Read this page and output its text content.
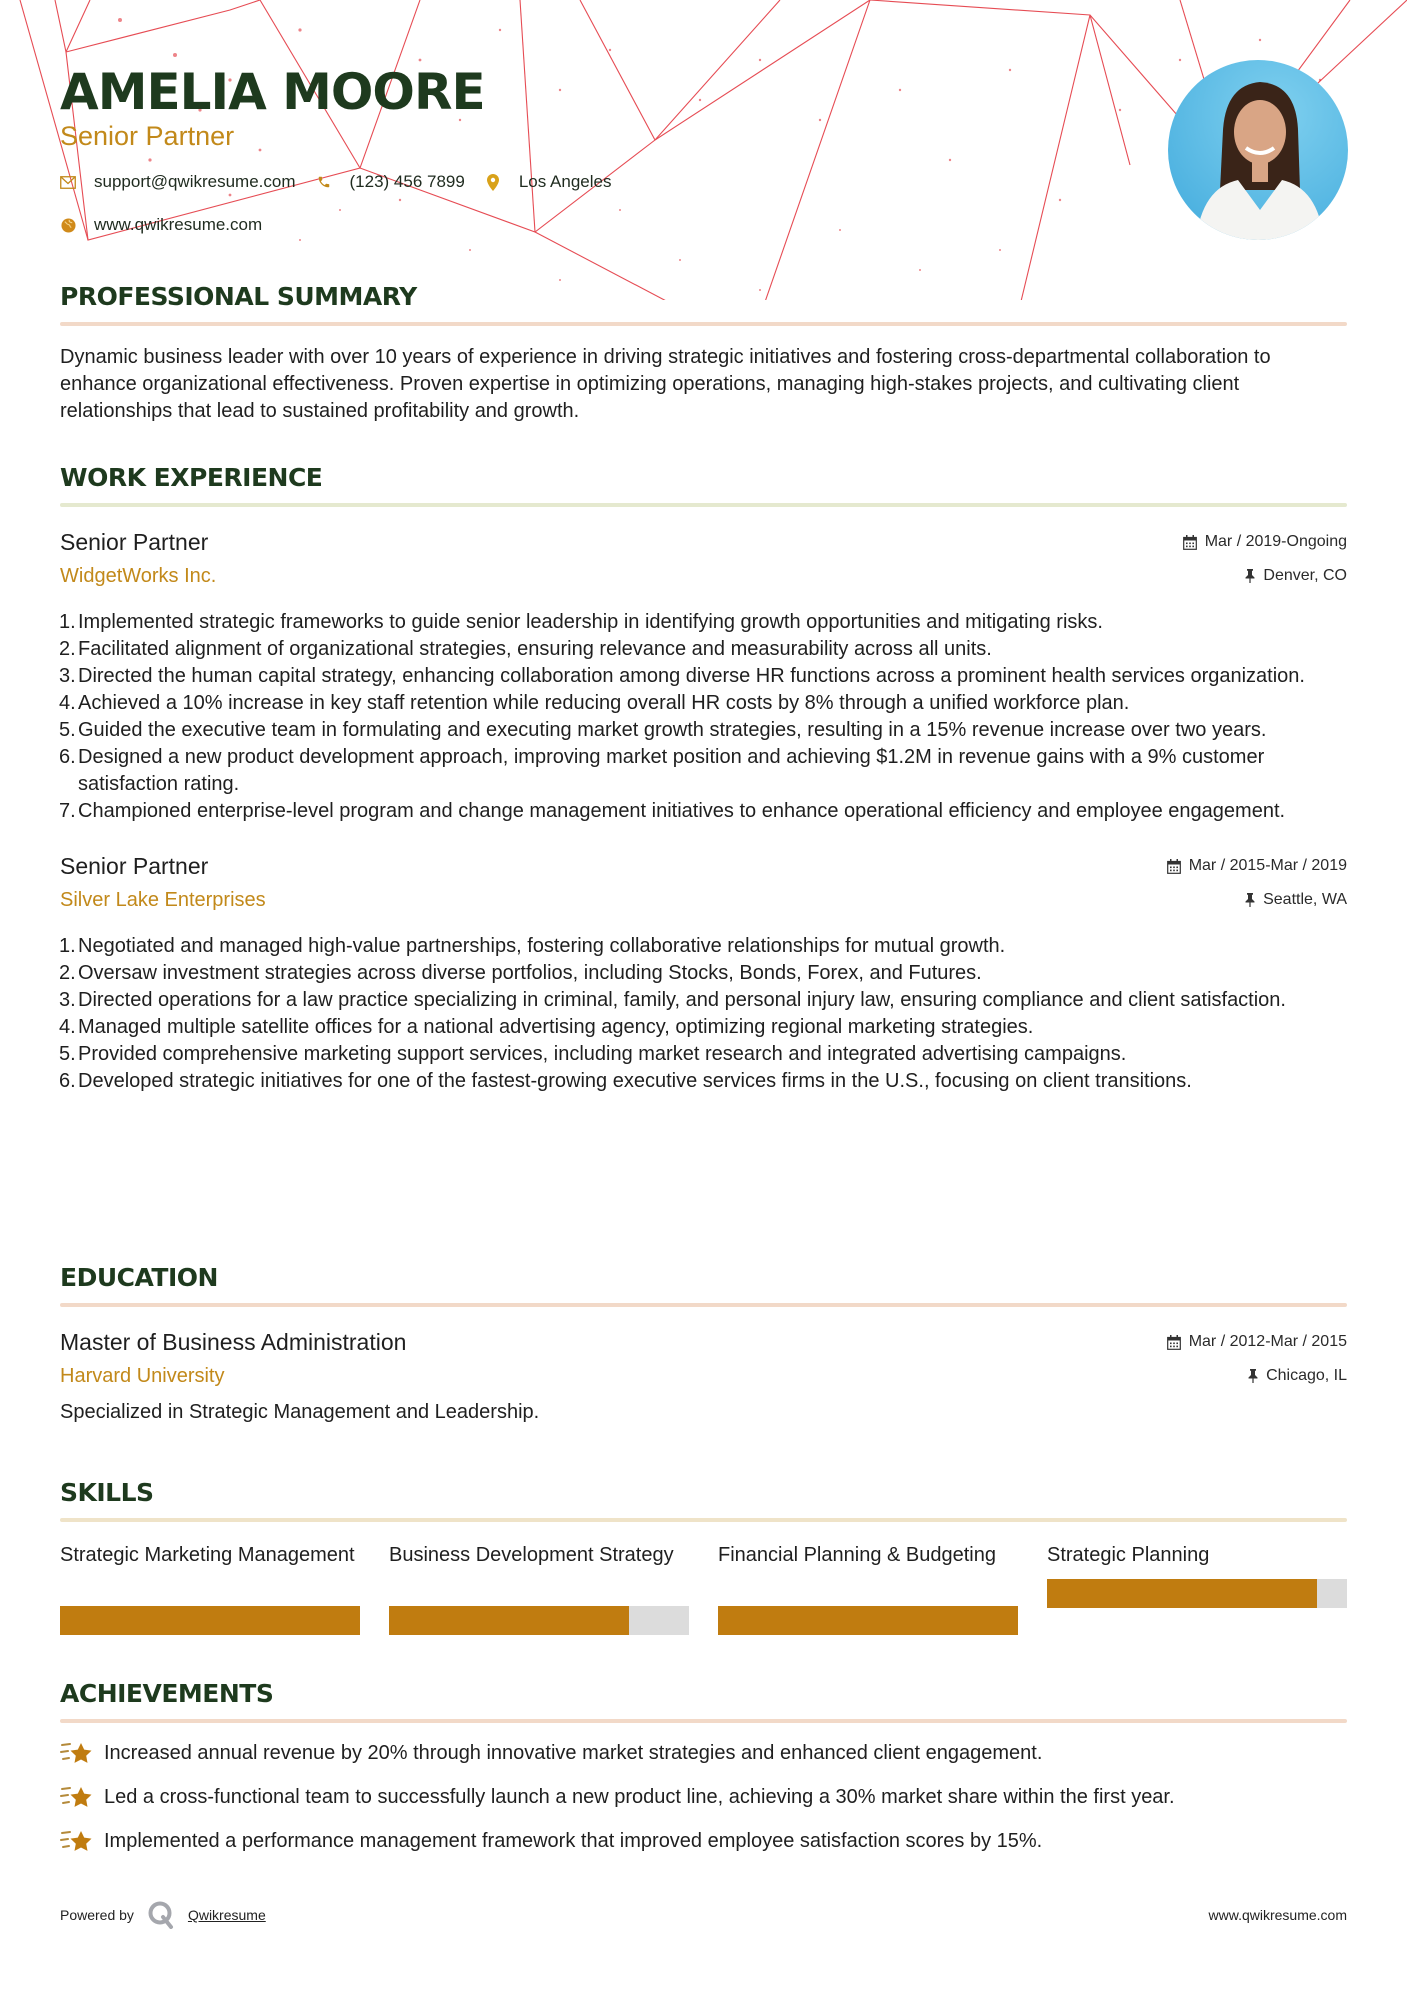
AMELIA MOORE
Senior Partner
support@qwikresume.com	(123) 456 7899	Los Angeles
www.qwikresume.com
PROFESSIONAL SUMMARY
Dynamic business leader with over 10 years of experience in driving strategic initiatives and fostering cross-departmental collaboration to enhance organizational effectiveness. Proven expertise in optimizing operations, managing high-stakes projects, and cultivating client relationships that lead to sustained profitability and growth.
WORK EXPERIENCE
Senior Partner
WidgetWorks Inc.
Mar / 2019-Ongoing
Denver, CO
1. Implemented strategic frameworks to guide senior leadership in identifying growth opportunities and mitigating risks.
2. Facilitated alignment of organizational strategies, ensuring relevance and measurability across all units.
3. Directed the human capital strategy, enhancing collaboration among diverse HR functions across a prominent health services organization.
4. Achieved a 10% increase in key staff retention while reducing overall HR costs by 8% through a unified workforce plan.
5. Guided the executive team in formulating and executing market growth strategies, resulting in a 15% revenue increase over two years.
6. Designed a new product development approach, improving market position and achieving $1.2M in revenue gains with a 9% customer satisfaction rating.
7. Championed enterprise-level program and change management initiatives to enhance operational efficiency and employee engagement.
Senior Partner
Silver Lake Enterprises
Mar / 2015-Mar / 2019
Seattle, WA
1. Negotiated and managed high-value partnerships, fostering collaborative relationships for mutual growth.
2. Oversaw investment strategies across diverse portfolios, including Stocks, Bonds, Forex, and Futures.
3. Directed operations for a law practice specializing in criminal, family, and personal injury law, ensuring compliance and client satisfaction.
4. Managed multiple satellite offices for a national advertising agency, optimizing regional marketing strategies.
5. Provided comprehensive marketing support services, including market research and integrated advertising campaigns.
6. Developed strategic initiatives for one of the fastest-growing executive services firms in the U.S., focusing on client transitions.
EDUCATION
Master of Business Administration
Harvard University
Mar / 2012-Mar / 2015
Chicago, IL
Specialized in Strategic Management and Leadership.
SKILLS
Strategic Marketing Management Business Development Strategy	Financial Planning & Budgeting	Strategic Planning
ACHIEVEMENTS
Increased annual revenue by 20% through innovative market strategies and enhanced client engagement.
Led a cross-functional team to successfully launch a new product line, achieving a 30% market share within the first year.
Implemented a performance management framework that improved employee satisfaction scores by 15%.
Powered by	Qwikresume	www.qwikresume.com
